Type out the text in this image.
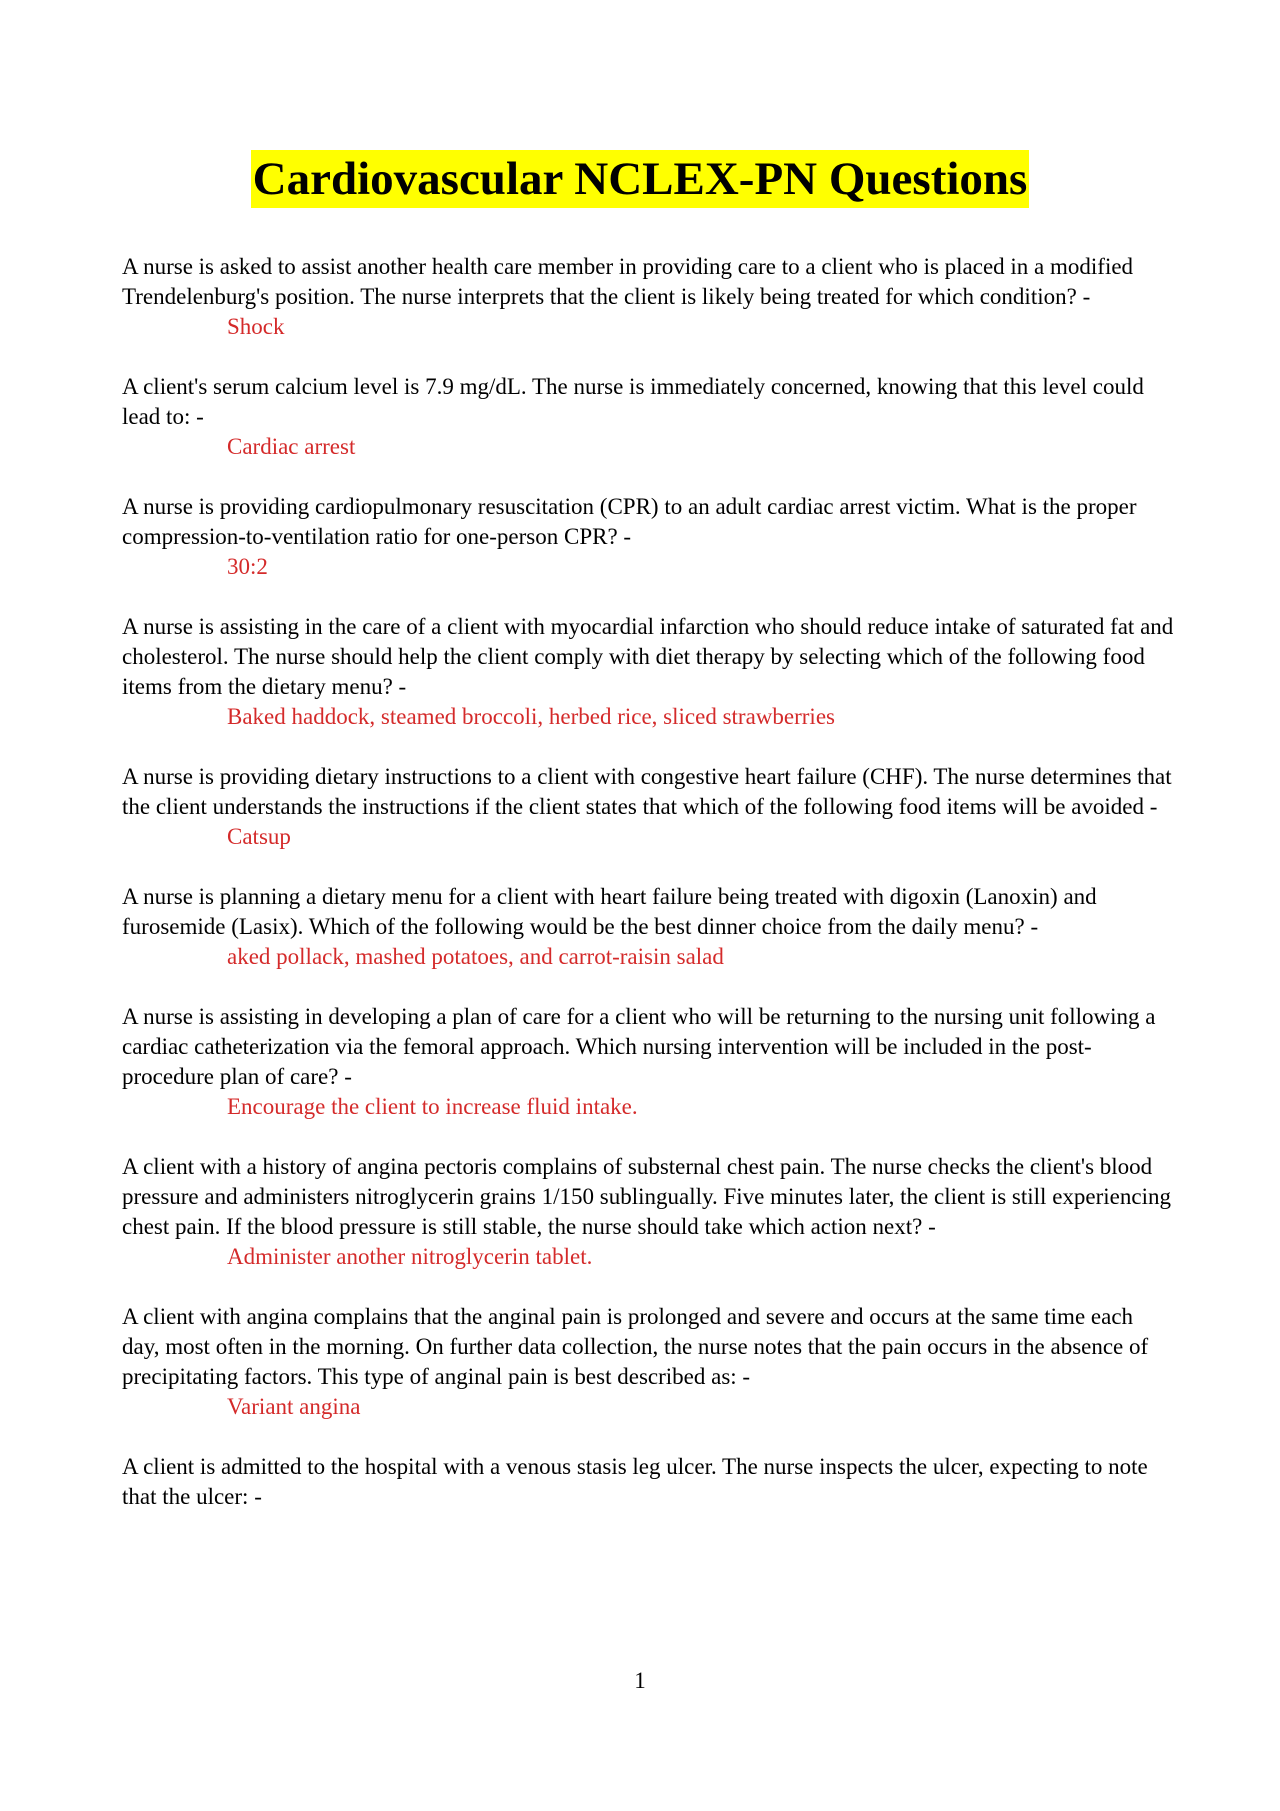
Cardiovascular NCLEX-PN Questions

A nurse is asked to assist another health care member in providing care to a client who is placed in a modified Trendelenburg's position. The nurse interprets that the client is likely being treated for which condition? -

Shock

A client's serum calcium level is 7.9 mg/dL. The nurse is immediately concerned, knowing that this level could lead to: -

Cardiac arrest

A nurse is providing cardiopulmonary resuscitation (CPR) to an adult cardiac arrest victim. What is the proper compression-to-ventilation ratio for one-person CPR? -

30:2

A nurse is assisting in the care of a client with myocardial infarction who should reduce intake of saturated fat and cholesterol. The nurse should help the client comply with diet therapy by selecting which of the following food items from the dietary menu? -

Baked haddock, steamed broccoli, herbed rice, sliced strawberries

A nurse is providing dietary instructions to a client with congestive heart failure (CHF). The nurse determines that the client understands the instructions if the client states that which of the following food items will be avoided -

Catsup

A nurse is planning a dietary menu for a client with heart failure being treated with digoxin (Lanoxin) and furosemide (Lasix). Which of the following would be the best dinner choice from the daily menu? -

aked pollack, mashed potatoes, and carrot-raisin salad

A nurse is assisting in developing a plan of care for a client who will be returning to the nursing unit following a cardiac catheterization via the femoral approach. Which nursing intervention will be included in the post-procedure plan of care? -

Encourage the client to increase fluid intake.

A client with a history of angina pectoris complains of substernal chest pain. The nurse checks the client's blood pressure and administers nitroglycerin grains 1/150 sublingually. Five minutes later, the client is still experiencing chest pain. If the blood pressure is still stable, the nurse should take which action next? -

Administer another nitroglycerin tablet.

A client with angina complains that the anginal pain is prolonged and severe and occurs at the same time each day, most often in the morning. On further data collection, the nurse notes that the pain occurs in the absence of precipitating factors. This type of anginal pain is best described as: -

Variant angina

A client is admitted to the hospital with a venous stasis leg ulcer. The nurse inspects the ulcer, expecting to note that the ulcer: -

1
